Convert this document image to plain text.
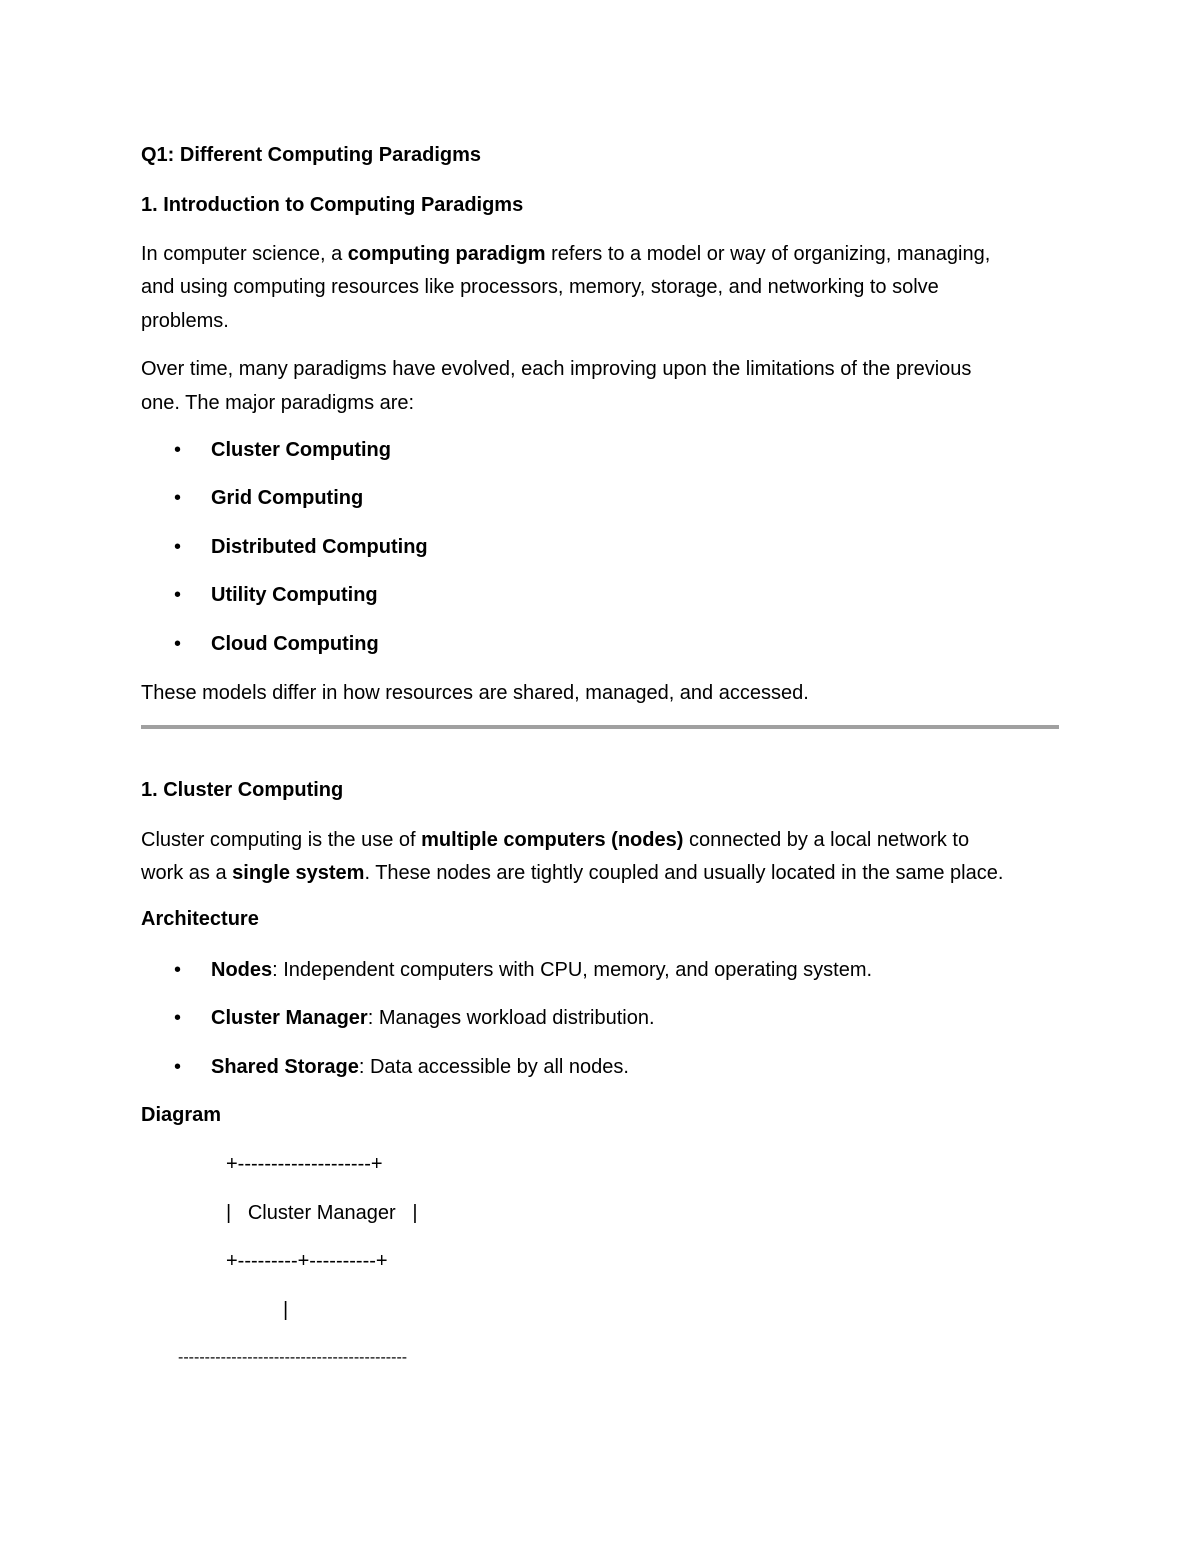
Q1: Different Computing Paradigms

1. Introduction to Computing Paradigms

In computer science, a computing paradigm refers to a model or way of organizing, managing,

and using computing resources like processors, memory, storage, and networking to solve

problems.

Over time, many paradigms have evolved, each improving upon the limitations of the previous

one. The major paradigms are:

• Cluster Computing

• Grid Computing

• Distributed Computing

• Utility Computing

• Cloud Computing

These models differ in how resources are shared, managed, and accessed.

1. Cluster Computing

Cluster computing is the use of multiple computers (nodes) connected by a local network to

work as a single system. These nodes are tightly coupled and usually located in the same place.

Architecture

• Nodes: Independent computers with CPU, memory, and operating system.

• Cluster Manager: Manages workload distribution.

• Shared Storage: Data accessible by all nodes.

Diagram

+--------------------+

|   Cluster Manager   |

+---------+----------+

|

-------------------------------------------
